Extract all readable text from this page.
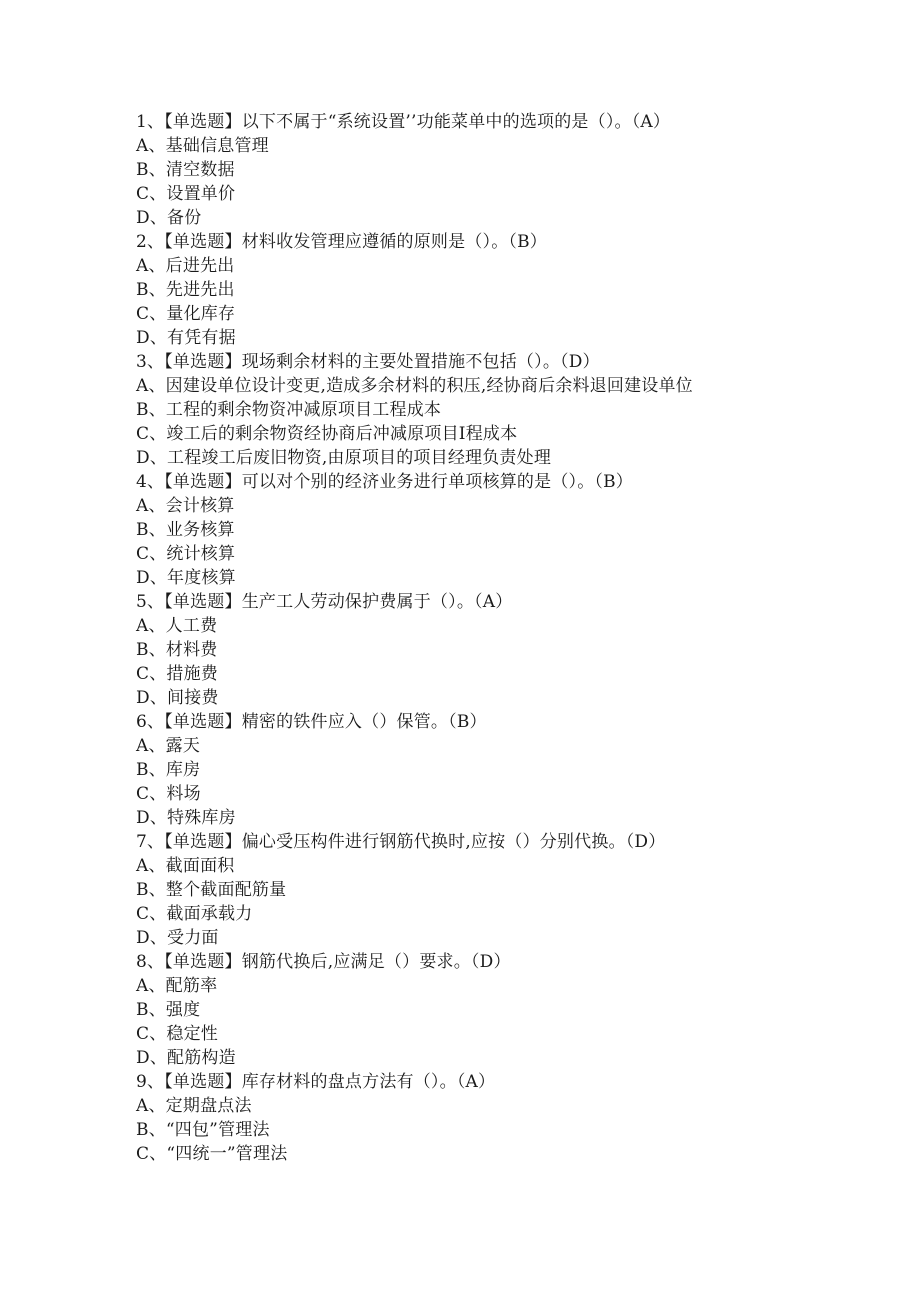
1、【单选题】以下不属于“系统设置’’功能菜单中的选项的是（）。（A）
A、基础信息管理
B、清空数据
C、设置单价
D、备份
2、【单选题】材料收发管理应遵循的原则是（）。（B）
A、后进先出
B、先进先出
C、量化库存
D、有凭有据
3、【单选题】现场剩余材料的主要处置措施不包括（）。（D）
A、因建设单位设计变更,造成多余材料的积压,经协商后余料退回建设单位
B、工程的剩余物资冲减原项目工程成本
C、竣工后的剩余物资经协商后冲减原项目I程成本
D、工程竣工后废旧物资,由原项目的项目经理负责处理
4、【单选题】可以对个别的经济业务进行单项核算的是（）。（B）
A、会计核算
B、业务核算
C、统计核算
D、年度核算
5、【单选题】生产工人劳动保护费属于（）。（A）
A、人工费
B、材料费
C、措施费
D、间接费
6、【单选题】精密的铁件应入（）保管。（B）
A、露天
B、库房
C、料场
D、特殊库房
7、【单选题】偏心受压构件进行钢筋代换时,应按（）分别代换。（D）
A、截面面积
B、整个截面配筋量
C、截面承载力
D、受力面
8、【单选题】钢筋代换后,应满足（）要求。（D）
A、配筋率
B、强度
C、稳定性
D、配筋构造
9、【单选题】库存材料的盘点方法有（）。（A）
A、定期盘点法
B、“四包”管理法
C、“四统一”管理法
